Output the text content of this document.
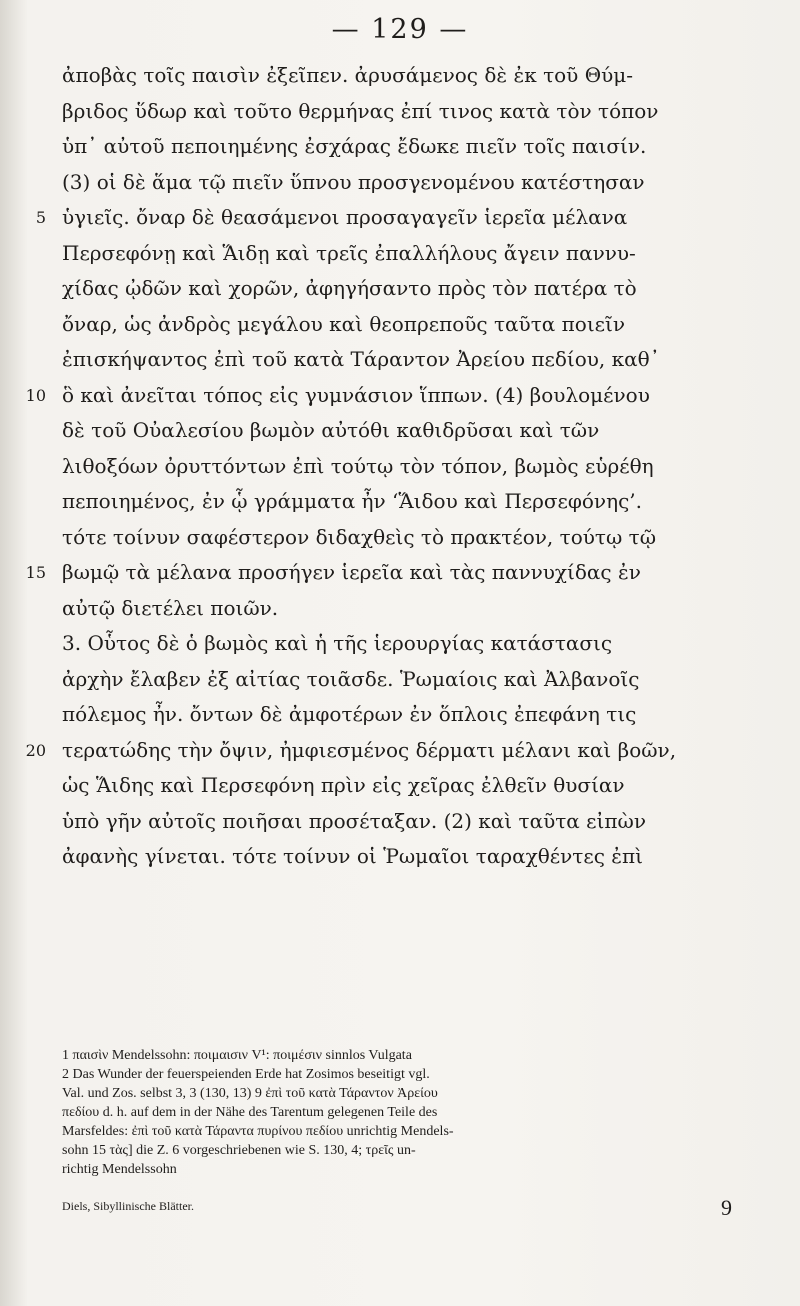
— 129 —
ἀποβὰς τοῖς παισὶν ἐξεῖπεν. ἀρυσάμενος δὲ ἐκ τοῦ Θύμ-
βριδος ὕδωρ καὶ τοῦτο θερμήνας ἐπί τινος κατὰ τὸν τόπον
ὑπ᾽ αὐτοῦ πεποιημένης ἐσχάρας ἔδωκε πιεῖν τοῖς παισίν.
(3) οἱ δὲ ἅμα τῷ πιεῖν ὕπνου προσγενομένου κατέστησαν
5 ὑγιεῖς. ὄναρ δὲ θεασάμενοι προσαγαγεῖν ἱερεῖα μέλανα
Περσεφόνῃ καὶ Ἅιδῃ καὶ τρεῖς ἐπαλλήλους ἄγειν παννυ-
χίδας ᾠδῶν καὶ χορῶν, ἀφηγήσαντο πρὸς τὸν πατέρα τὸ
ὄναρ, ὡς ἀνδρὸς μεγάλου καὶ θεοπρεποῦς ταῦτα ποιεῖν
ἐπισκήψαντος ἐπὶ τοῦ κατὰ Τάραντον Ἀρείου πεδίου, καθ᾽
10 ὃ καὶ ἀνεῖται τόπος εἰς γυμνάσιον ἵππων. (4) βουλομένου
δὲ τοῦ Οὐαλεσίου βωμὸν αὐτόθι καθιδρῦσαι καὶ τῶν
λιθοξόων ὀρυττόντων ἐπὶ τούτῳ τὸν τόπον, βωμὸς εὑρέθη
πεποιημένος, ἐν ᾧ γράμματα ἦν ‘Ἅιδου καὶ Περσεφόνης’.
τότε τοίνυν σαφέστερον διδαχθεὶς τὸ πρακτέον, τούτῳ τῷ
15 βωμῷ τὰ μέλανα προσήγεν ἱερεῖα καὶ τὰς παννυχίδας ἐν
αὐτῷ διετέλει ποιῶν.
3. Οὗτος δὲ ὁ βωμὸς καὶ ἡ τῆς ἱερουργίας κατάστασις
ἀρχὴν ἔλαβεν ἐξ αἰτίας τοιᾶσδε. Ῥωμαίοις καὶ Ἀλβανοῖς
πόλεμος ἦν. ὄντων δὲ ἀμφοτέρων ἐν ὅπλοις ἐπεφάνη τις
20 τερατώδης τὴν ὄψιν, ἠμφιεσμένος δέρματι μέλανι καὶ βοῶν,
ὡς Ἅιδης καὶ Περσεφόνη πρὶν εἰς χεῖρας ἐλθεῖν θυσίαν
ὑπὸ γῆν αὐτοῖς ποιῆσαι προσέταξαν. (2) καὶ ταῦτα εἰπὼν
ἀφανὴς γίνεται. τότε τοίνυν οἱ Ῥωμαῖοι ταραχθέντες ἐπὶ

1 παισὶν Mendelssohn: ποιμαισιν V¹: ποιμέσιν sinnlos Vulgata

2 Das Wunder der feuerspeienden Erde hat Zosimos beseitigt vgl.

Val. und Zos. selbst 3, 3 (130, 13) 9 ἐπὶ τοῦ κατὰ Τάραντον Ἀρείου

πεδίου d. h. auf dem in der Nähe des Tarentum gelegenen Teile des

Marsfeldes: ἐπὶ τοῦ κατὰ Τάραντα πυρίνου πεδίου unrichtig Mendels-

sohn 15 τὰς] die Z. 6 vorgeschriebenen wie S. 130, 4; τρεῖς un-

richtig Mendelssohn

Diels, Sibyllinische Blätter.	9
